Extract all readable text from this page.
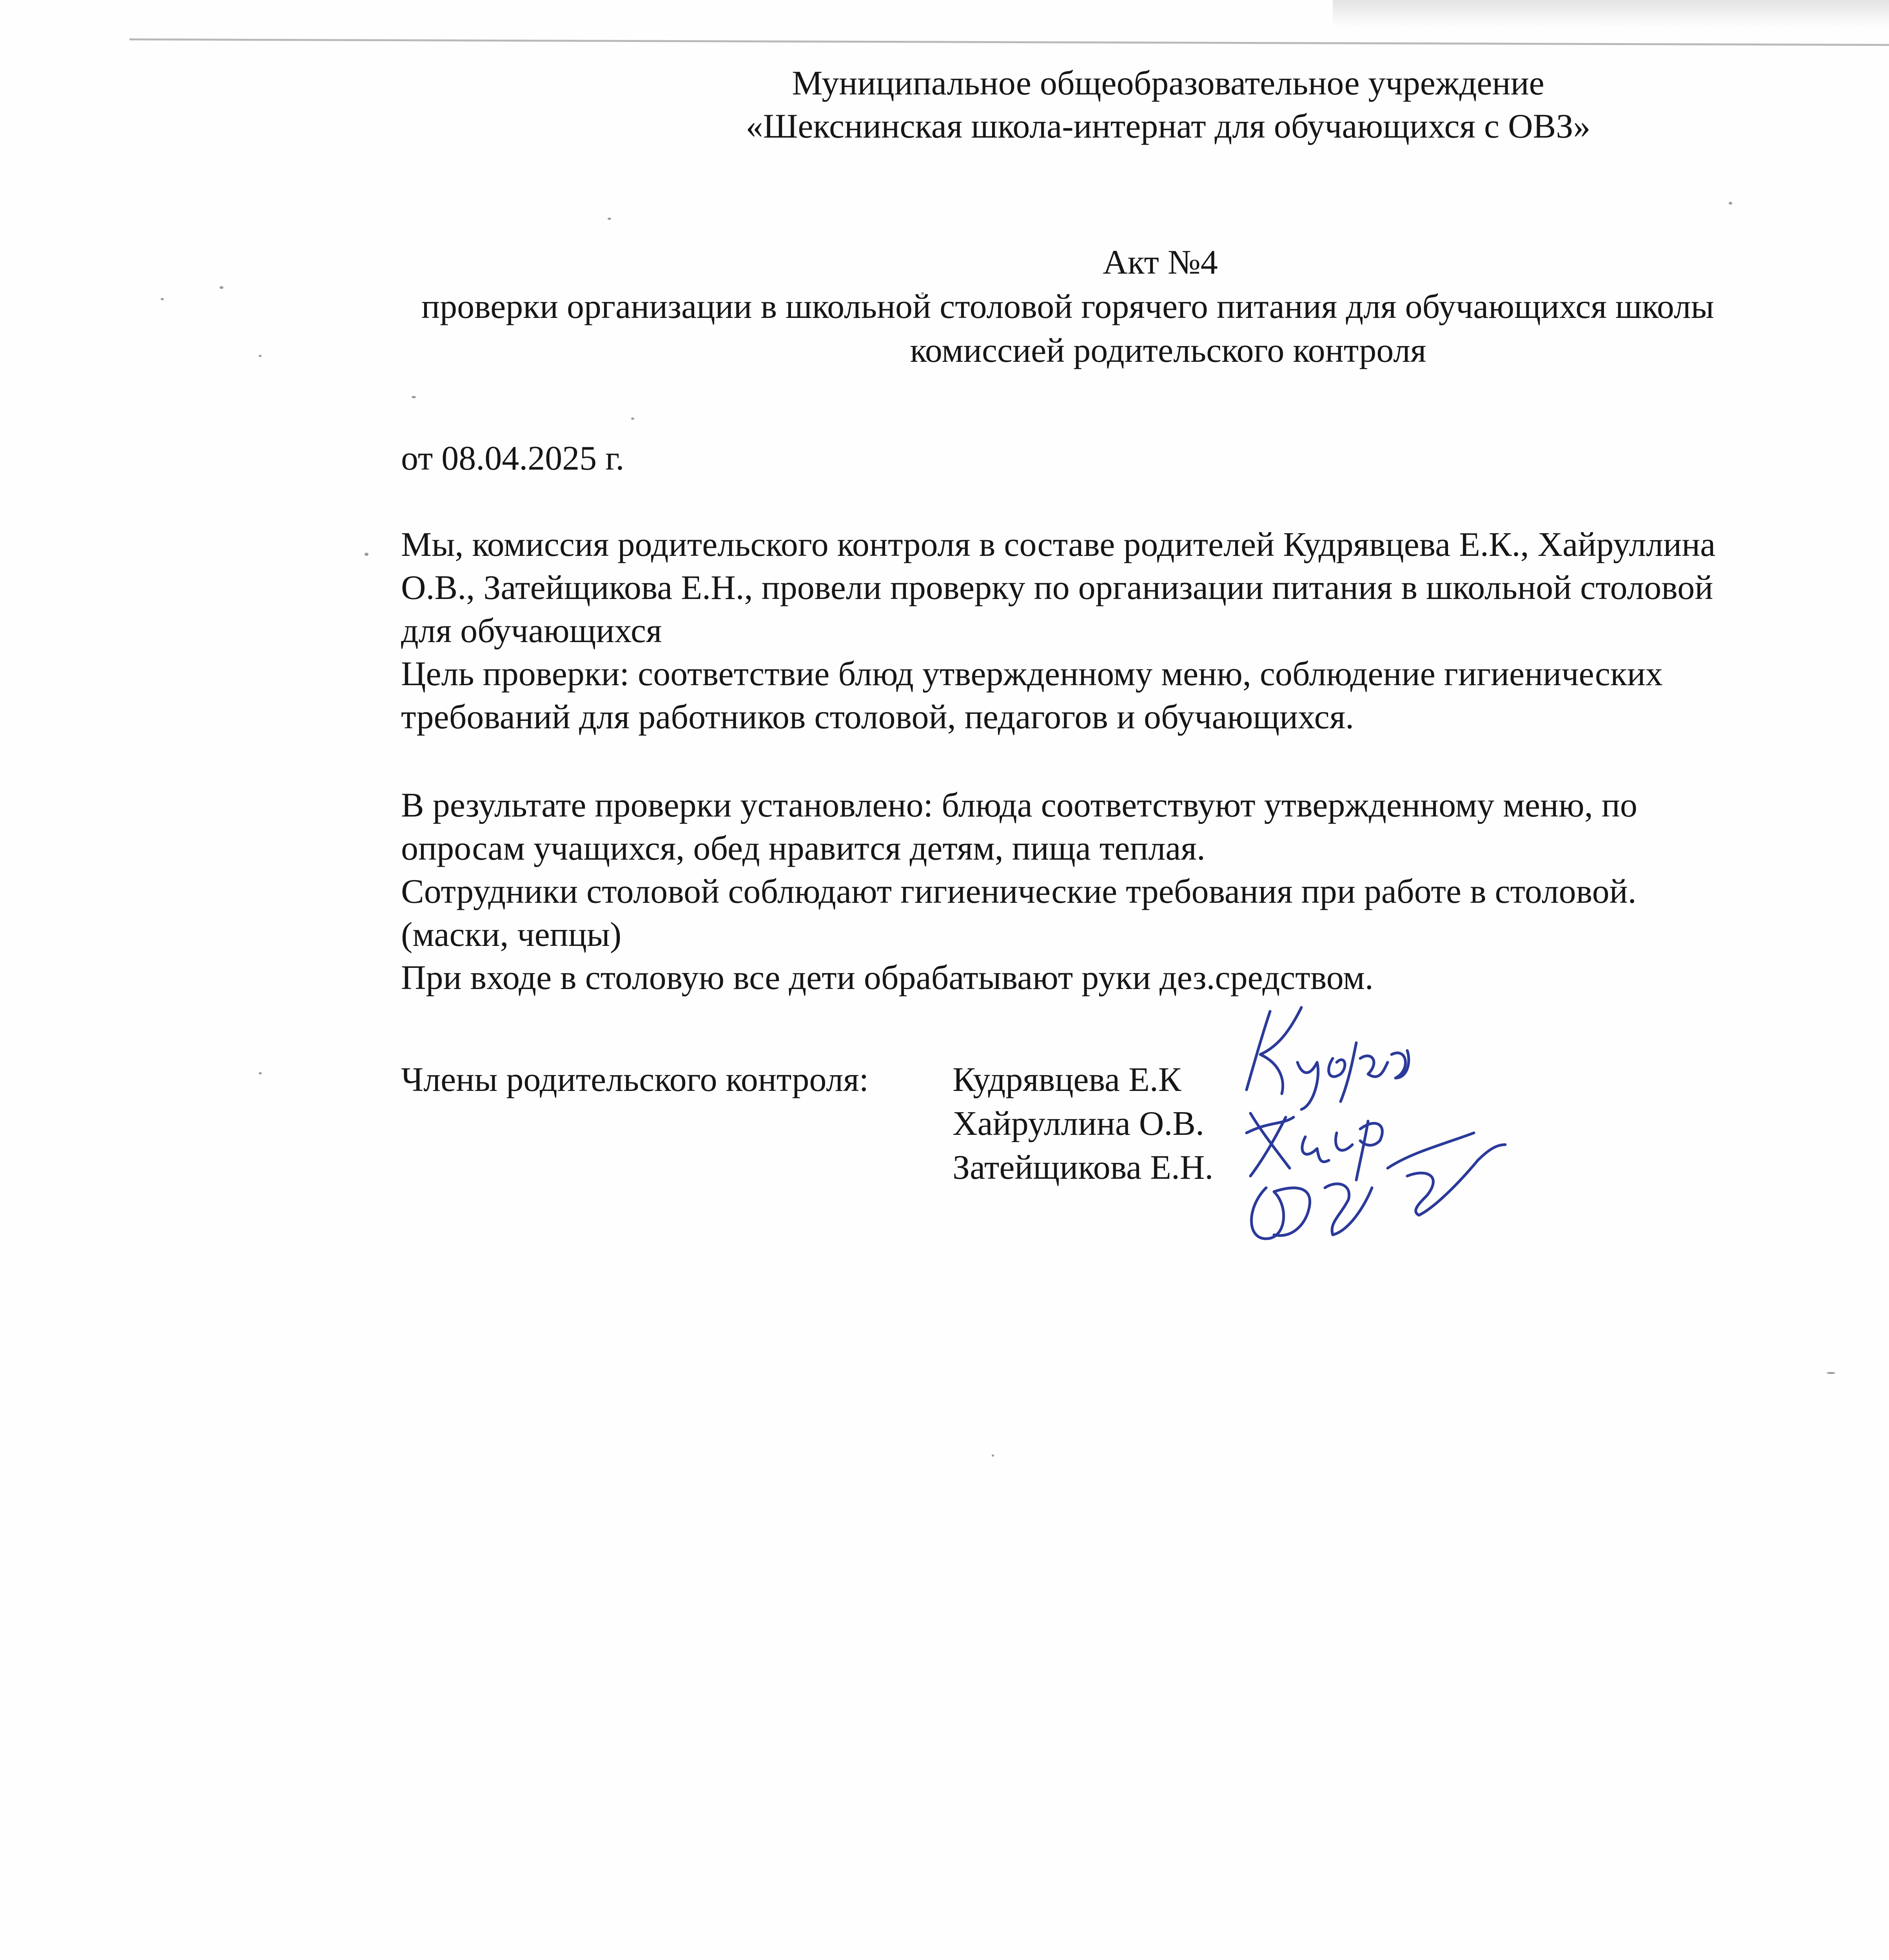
Муниципальное общеобразовательное учреждение

«Шекснинская школа-интернат для обучающихся с ОВЗ»

Акт №4

проверки организации в школьной столовой горячего питания для обучающихся школы

комиссией родительского контроля

от 08.04.2025 г.

Мы, комиссия родительского контроля в составе родителей Кудрявцева Е.К., Хайруллина

О.В., Затейщикова Е.Н., провели проверку по организации питания в школьной столовой

для обучающихся

Цель проверки: соответствие блюд утвержденному меню, соблюдение гигиенических

требований для работников столовой, педагогов и обучающихся.

В результате проверки установлено: блюда соответствуют утвержденному меню, по

опросам учащихся, обед нравится детям, пища теплая.

Сотрудники столовой соблюдают гигиенические требования при работе в столовой.

(маски, чепцы)

При входе в столовую все дети обрабатывают руки дез.средством.

Члены родительского контроля: Кудрявцева Е.К

Хайруллина О.В.

Затейщикова Е.Н.
